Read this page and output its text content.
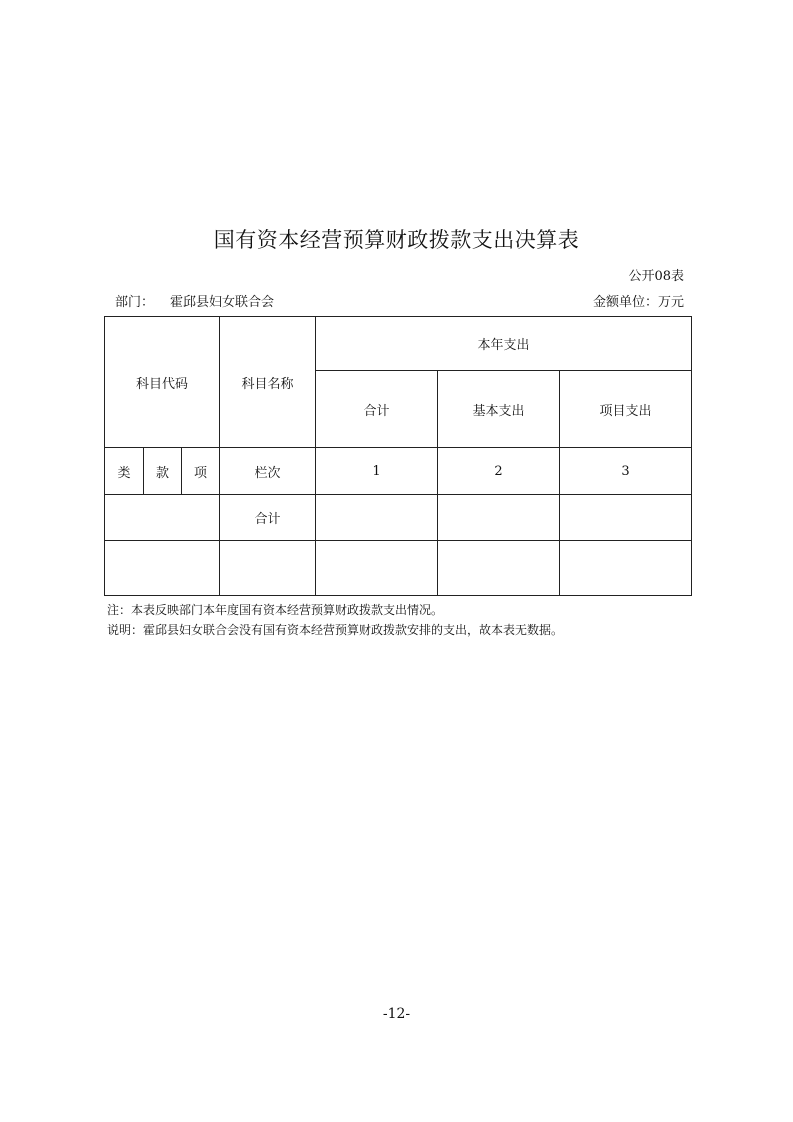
国有资本经营预算财政拨款支出决算表
公开08表
部门： 霍邱县妇女联合会	金额单位：万元
科目代码			科目名称	本年支出		
				合计	基本支出	项目支出
类	款	项	栏次	1	2	3
			合计			

注：本表反映部门本年度国有资本经营预算财政拨款支出情况。
说明：霍邱县妇女联合会没有国有资本经营预算财政拨款安排的支出，故本表无数据。
-12-
